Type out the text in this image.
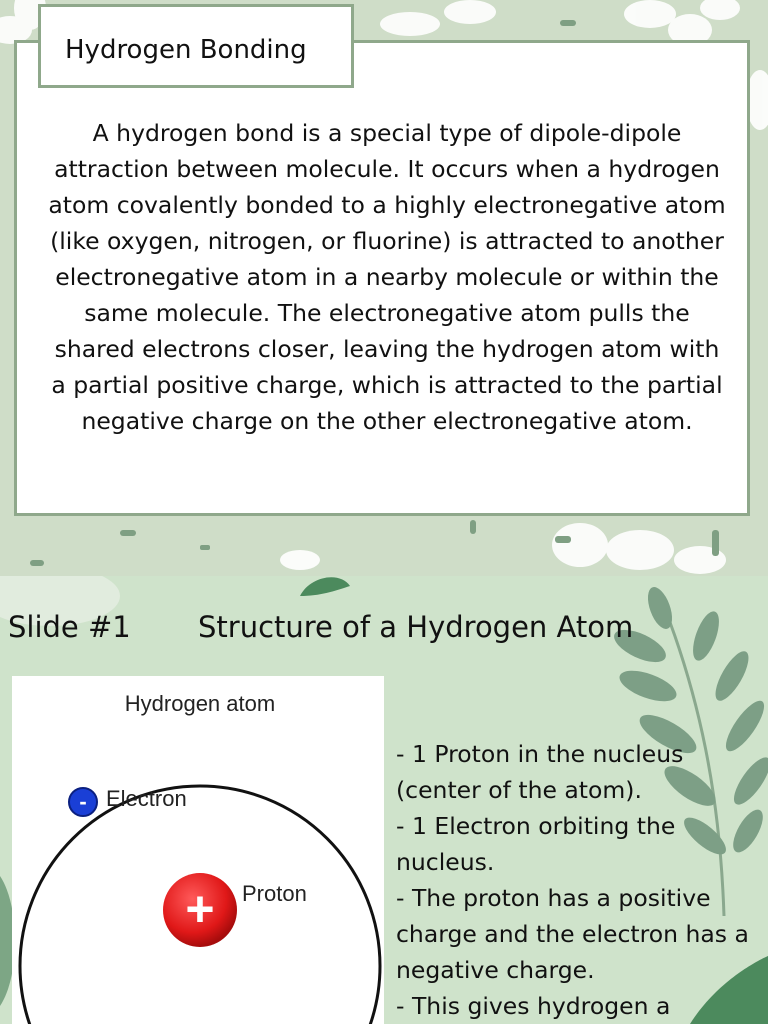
A hydrogen bond is a special type of dipole-dipole attraction between molecule. It occurs when a hydrogen atom covalently bonded to a highly electronegative atom (like oxygen, nitrogen, or fluorine) is attracted to another electronegative atom in a nearby molecule or within the same molecule. The electronegative atom pulls the shared electrons closer, leaving the hydrogen atom with a partial positive charge, which is attracted to the partial negative charge on the other electronegative atom.
Hydrogen Bonding
Slide #1 Structure of a Hydrogen Atom
Hydrogen atom
- Electron
+ Proton
- 1 Proton in the nucleus
(center of the atom).
- 1 Electron orbiting the
nucleus.
- The proton has a positive
charge and the electron has a
negative charge.
- This gives hydrogen a
